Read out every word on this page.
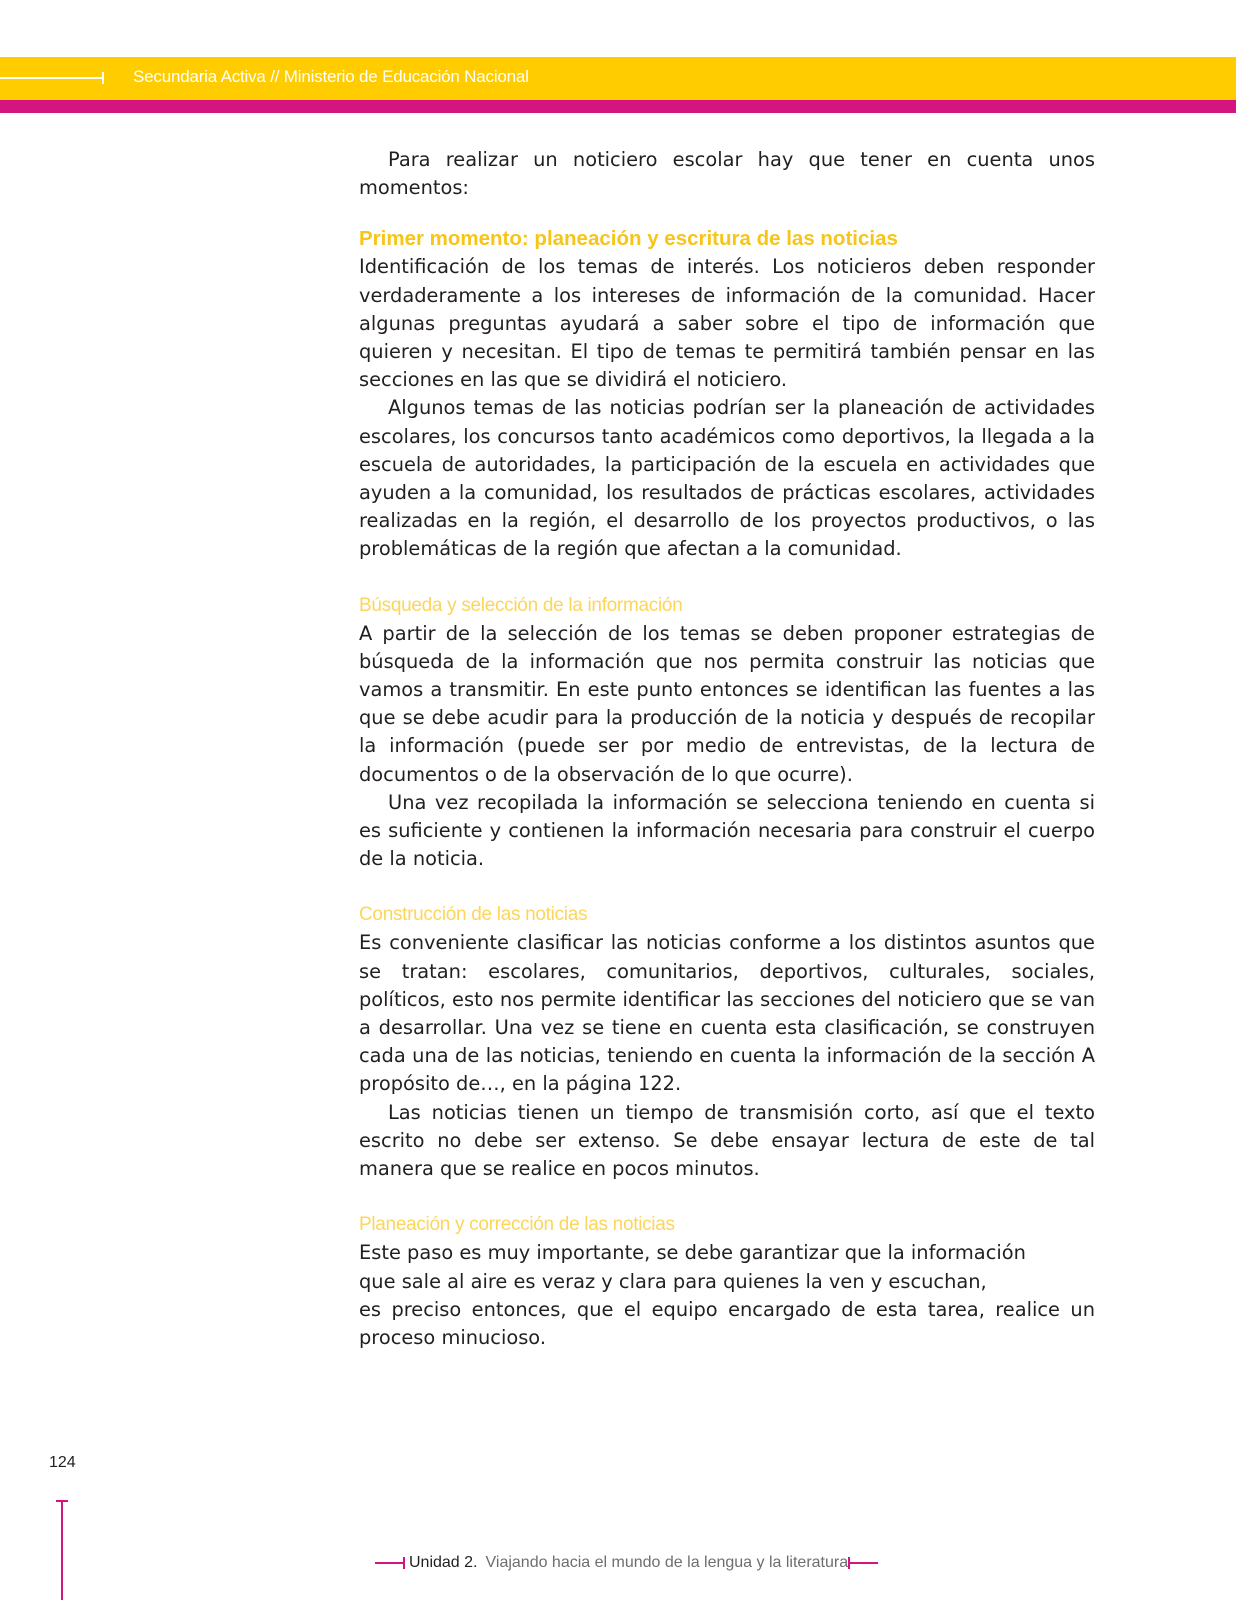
Secundaria Activa // Ministerio de Educación Nacional

Para realizar un noticiero escolar hay que tener en cuenta unos momentos:

Primer momento: planeación y escritura de las noticias

Identificación de los temas de interés. Los noticieros deben responder verdaderamente a los intereses de información de la comunidad. Hacer algunas preguntas ayudará a saber sobre el tipo de información que quieren y necesitan. El tipo de temas te permitirá también pensar en las secciones en las que se dividirá el noticiero.

Algunos temas de las noticias podrían ser la planeación de actividades escolares, los concursos tanto académicos como deportivos, la llegada a la escuela de autoridades, la participación de la escuela en actividades que ayuden a la comunidad, los resultados de prácticas escolares, actividades realizadas en la región, el desarrollo de los proyectos productivos, o las problemáticas de la región que afectan a la comunidad.

Búsqueda y selección de la información

A partir de la selección de los temas se deben proponer estrategias de búsqueda de la información que nos permita construir las noticias que vamos a transmitir. En este punto entonces se identifican las fuentes a las que se debe acudir para la producción de la noticia y después de recopilar la información (puede ser por medio de entrevistas, de la lectura de documentos o de la observación de lo que ocurre).

Una vez recopilada la información se selecciona teniendo en cuenta si es suficiente y contienen la información necesaria para construir el cuerpo de la noticia.

Construcción de las noticias

Es conveniente clasificar las noticias conforme a los distintos asuntos que se tratan: escolares, comunitarios, deportivos, culturales, sociales, políticos, esto nos permite identificar las secciones del noticiero que se van a desarrollar. Una vez se tiene en cuenta esta clasificación, se construyen cada una de las noticias, teniendo en cuenta la información de la sección A propósito de…, en la página 122.

Las noticias tienen un tiempo de transmisión corto, así que el texto escrito no debe ser extenso. Se debe ensayar lectura de este de tal manera que se realice en pocos minutos.

Planeación y corrección de las noticias

Este paso es muy importante, se debe garantizar que la información

que sale al aire es veraz y clara para quienes la ven y escuchan,

es preciso entonces, que el equipo encargado de esta tarea, realice un proceso minucioso.

124
Unidad 2. Viajando hacia el mundo de la lengua y la literatura
